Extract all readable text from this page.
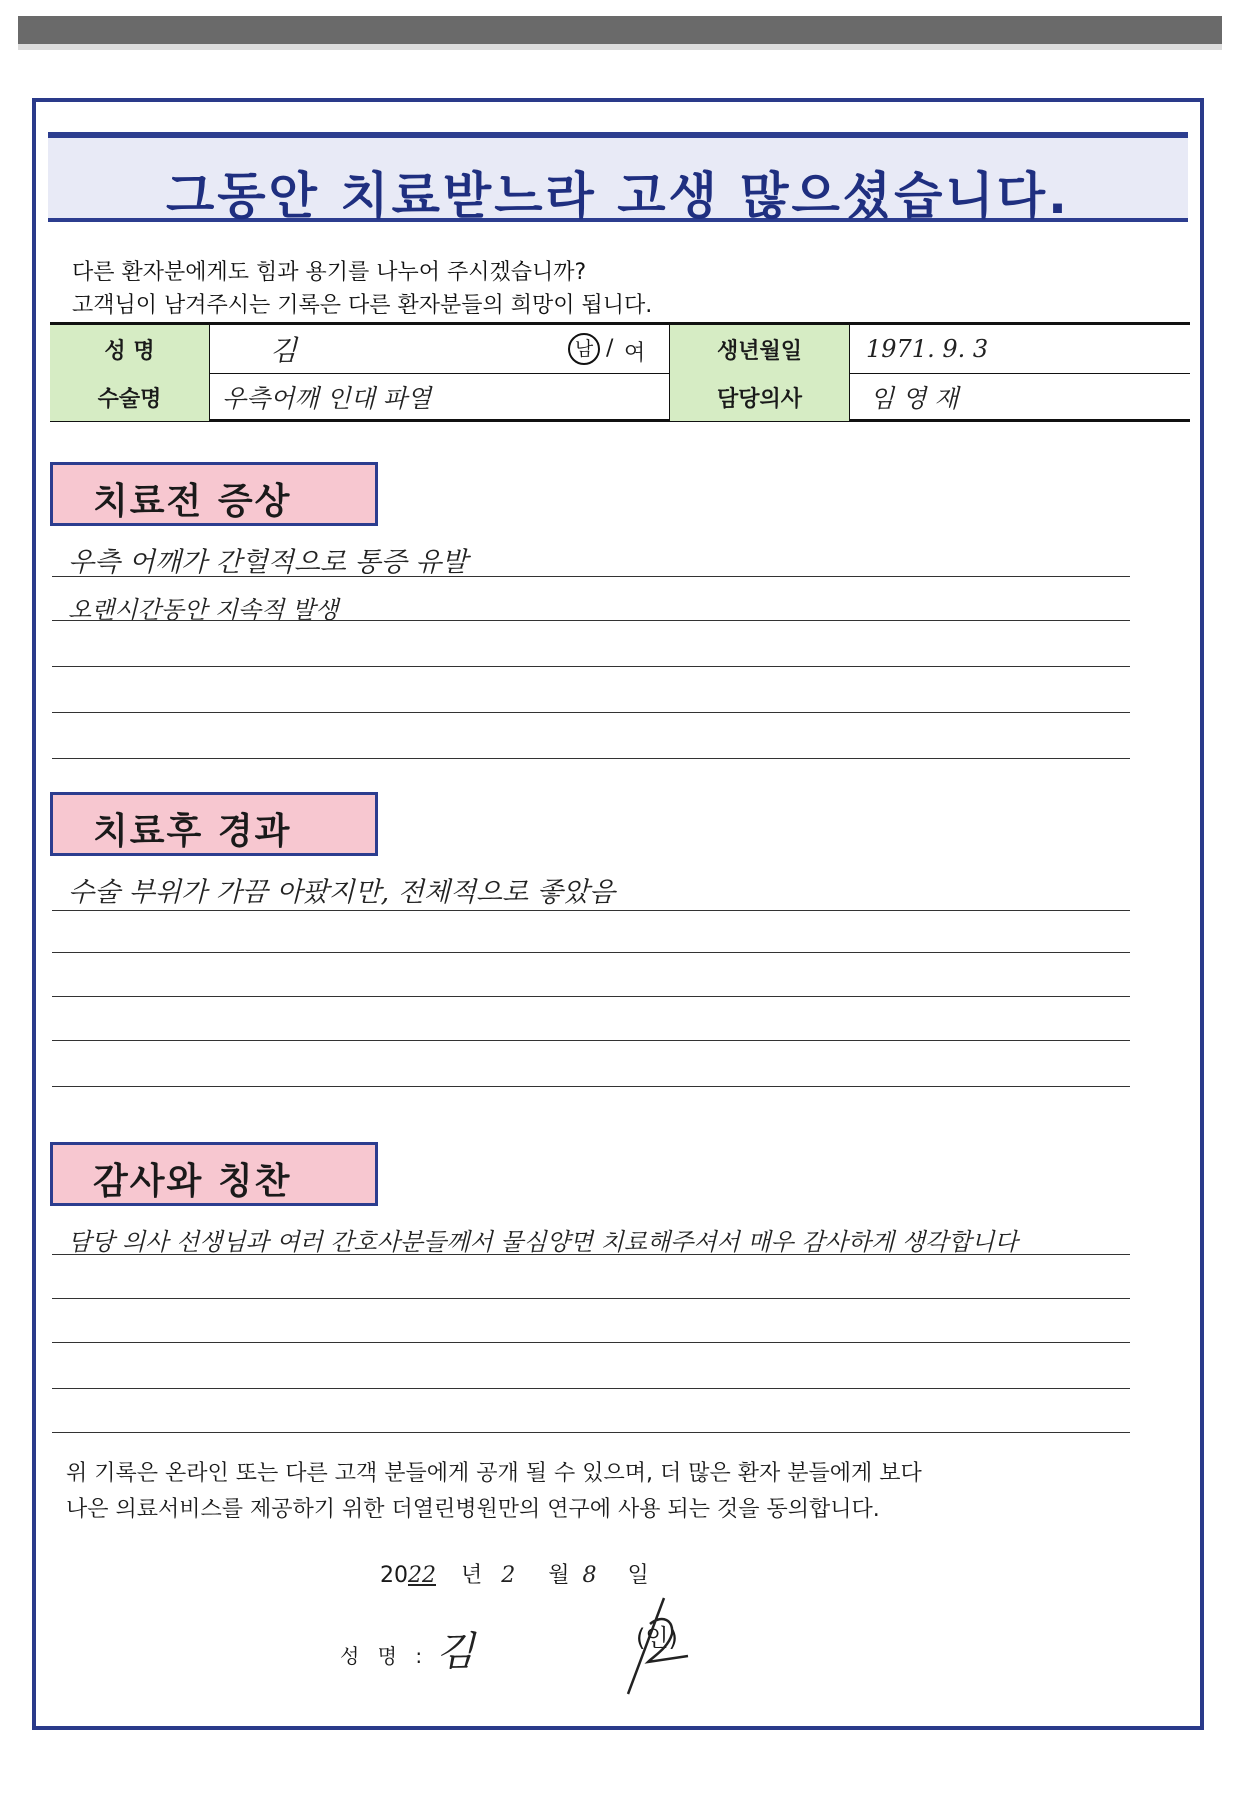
그동안 치료받느라 고생 많으셨습니다.
다른 환자분에게도 힘과 용기를 나누어 주시겠습니까?
고객님이 남겨주시는 기록은 다른 환자분들의 희망이 됩니다.
성 명	김	남 / 여	생년월일	1971. 9. 3
수술명	우측어깨 인대 파열	담당의사	임 영 재
치료전 증상
우측 어깨가 간헐적으로 통증 유발
오랜시간동안 지속적 발생
치료후 경과
수술 부위가 가끔 아팠지만, 전체적으로 좋았음
감사와 칭찬
담당 의사 선생님과 여러 간호사분들께서 물심양면 치료해주셔서 매우 감사하게 생각합니다
위 기록은 온라인 또는 다른 고객 분들에게 공개 될 수 있으며, 더 많은 환자 분들에게 보다
나은 의료서비스를 제공하기 위한 더열린병원만의 연구에 사용 되는 것을 동의합니다.
2022 년 2 월 8 일
성 명 : 김	(인)
